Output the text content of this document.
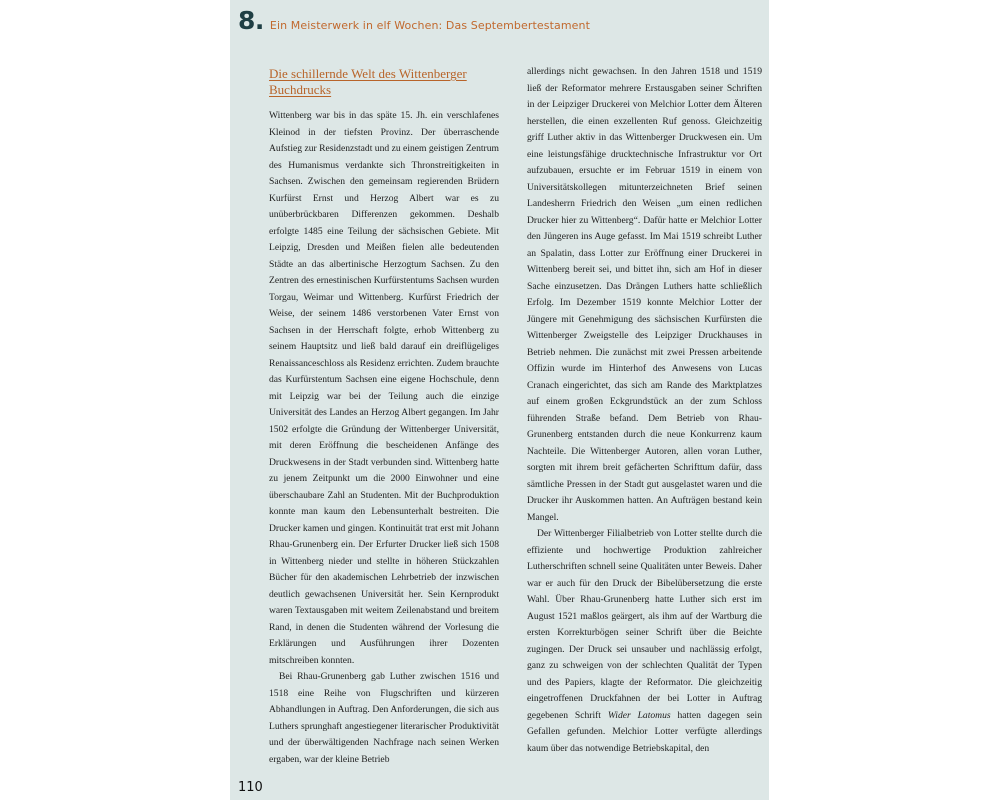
8. Ein Meisterwerk in elf Wochen: Das Septembertestament
Die schillernde Welt des Wittenberger Buchdrucks

Wittenberg war bis in das späte 15. Jh. ein verschlafenes Kleinod in der tiefsten Provinz. Der überraschende Aufstieg zur Residenzstadt und zu einem geistigen Zentrum des Humanismus verdankte sich Thronstreitigkeiten in Sachsen. Zwischen den gemeinsam regierenden Brüdern Kurfürst Ernst und Herzog Albert war es zu unüberbrückbaren Differenzen gekommen. Deshalb erfolgte 1485 eine Teilung der sächsischen Gebiete. Mit Leipzig, Dresden und Meißen fielen alle bedeutenden Städte an das albertinische Herzogtum Sachsen. Zu den Zentren des ernestinischen Kurfürstentums Sachsen wurden Torgau, Weimar und Wittenberg. Kurfürst Friedrich der Weise, der seinem 1486 verstorbenen Vater Ernst von Sachsen in der Herrschaft folgte, erhob Wittenberg zu seinem Hauptsitz und ließ bald darauf ein dreiflügeliges Renaissanceschloss als Residenz errichten. Zudem brauchte das Kurfürstentum Sachsen eine eigene Hochschule, denn mit Leipzig war bei der Teilung auch die einzige Universität des Landes an Herzog Albert gegangen. Im Jahr 1502 erfolgte die Gründung der Wittenberger Universität, mit deren Eröffnung die bescheidenen Anfänge des Druckwesens in der Stadt verbunden sind. Wittenberg hatte zu jenem Zeitpunkt um die 2000 Einwohner und eine überschaubare Zahl an Studenten. Mit der Buchproduktion konnte man kaum den Lebensunterhalt bestreiten. Die Drucker kamen und gingen. Kontinuität trat erst mit Johann Rhau-Grunenberg ein. Der Erfurter Drucker ließ sich 1508 in Wittenberg nieder und stellte in höheren Stückzahlen Bücher für den akademischen Lehrbetrieb der inzwischen deutlich gewachsenen Universität her. Sein Kernprodukt waren Textausgaben mit weitem Zeilenabstand und breitem Rand, in denen die Studenten während der Vorlesung die Erklärungen und Ausführungen ihrer Dozenten mitschreiben konnten.

Bei Rhau-Grunenberg gab Luther zwischen 1516 und 1518 eine Reihe von Flugschriften und kürzeren Abhandlungen in Auftrag. Den Anforderungen, die sich aus Luthers sprunghaft angestiegener literarischer Produktivität und der überwältigenden Nachfrage nach seinen Werken ergaben, war der kleine Betrieb

allerdings nicht gewachsen. In den Jahren 1518 und 1519 ließ der Reformator mehrere Erstausgaben seiner Schriften in der Leipziger Druckerei von Melchior Lotter dem Älteren herstellen, die einen exzellenten Ruf genoss. Gleichzeitig griff Luther aktiv in das Wittenberger Druckwesen ein. Um eine leistungsfähige drucktechnische Infrastruktur vor Ort aufzubauen, ersuchte er im Februar 1519 in einem von Universitätskollegen mitunterzeichneten Brief seinen Landesherrn Friedrich den Weisen „um einen redlichen Drucker hier zu Wittenberg“. Dafür hatte er Melchior Lotter den Jüngeren ins Auge gefasst. Im Mai 1519 schreibt Luther an Spalatin, dass Lotter zur Eröffnung einer Druckerei in Wittenberg bereit sei, und bittet ihn, sich am Hof in dieser Sache einzusetzen. Das Drängen Luthers hatte schließlich Erfolg. Im Dezember 1519 konnte Melchior Lotter der Jüngere mit Genehmigung des sächsischen Kurfürsten die Wittenberger Zweigstelle des Leipziger Druckhauses in Betrieb nehmen. Die zunächst mit zwei Pressen arbeitende Offizin wurde im Hinterhof des Anwesens von Lucas Cranach eingerichtet, das sich am Rande des Marktplatzes auf einem großen Eckgrundstück an der zum Schloss führenden Straße befand. Dem Betrieb von Rhau-Grunenberg entstanden durch die neue Konkurrenz kaum Nachteile. Die Wittenberger Autoren, allen voran Luther, sorgten mit ihrem breit gefächerten Schrifttum dafür, dass sämtliche Pressen in der Stadt gut ausgelastet waren und die Drucker ihr Auskommen hatten. An Aufträgen bestand kein Mangel.

Der Wittenberger Filialbetrieb von Lotter stellte durch die effiziente und hochwertige Produktion zahlreicher Lutherschriften schnell seine Qualitäten unter Beweis. Daher war er auch für den Druck der Bibelübersetzung die erste Wahl. Über Rhau-Grunenberg hatte Luther sich erst im August 1521 maßlos geärgert, als ihm auf der Wartburg die ersten Korrekturbögen seiner Schrift über die Beichte zugingen. Der Druck sei unsauber und nachlässig erfolgt, ganz zu schweigen von der schlechten Qualität der Typen und des Papiers, klagte der Reformator. Die gleichzeitig eingetroffenen Druckfahnen der bei Lotter in Auftrag gegebenen Schrift Wider Latomus hatten dagegen sein Gefallen gefunden. Melchior Lotter verfügte allerdings kaum über das notwendige Betriebskapital, den

110
